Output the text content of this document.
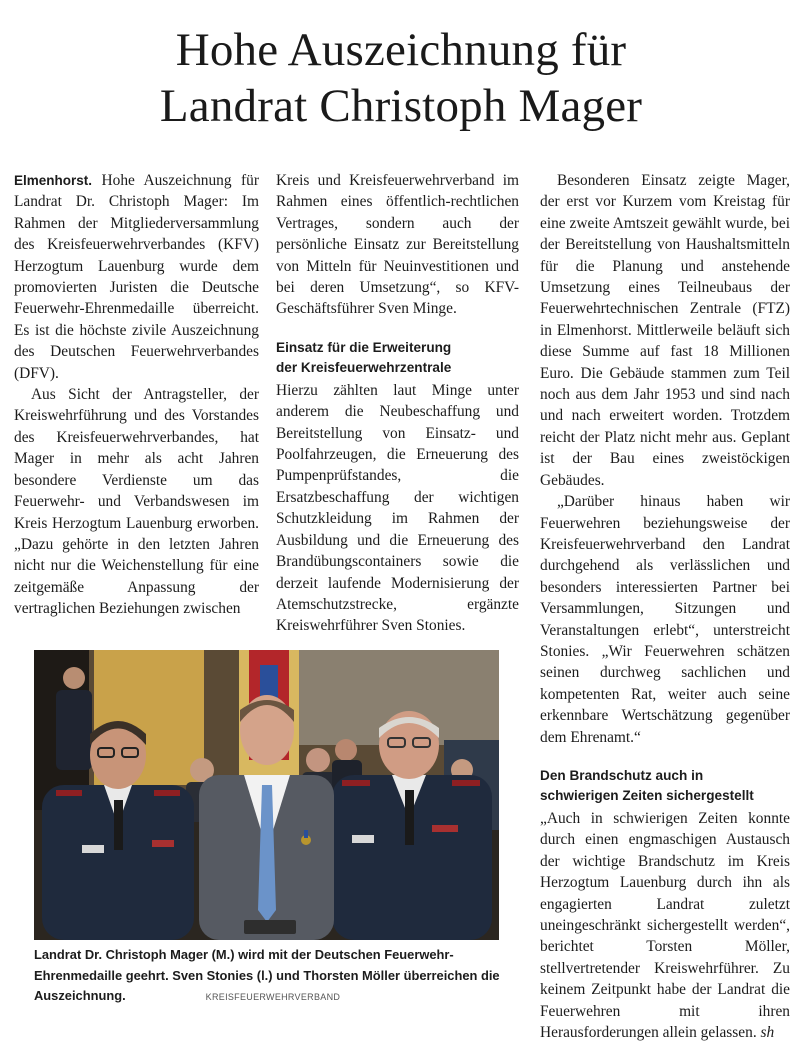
Hohe Auszeichnung für
Landrat Christoph Mager

Elmenhorst. Hohe Auszeichnung für Landrat Dr. Christoph Mager: Im Rahmen der Mitgliederversammlung des Kreisfeuerwehrverbandes (KFV) Herzogtum Lauenburg wurde dem promovierten Juristen die Deutsche Feuerwehr-Ehrenmedaille überreicht. Es ist die höchste zivile Auszeichnung des Deutschen Feuerwehrverbandes (DFV).

Aus Sicht der Antragsteller, der Kreiswehrführung und des Vorstandes des Kreisfeuerwehrverbandes, hat Mager in mehr als acht Jahren besondere Verdienste um das Feuerwehr- und Verbandswesen im Kreis Herzogtum Lauenburg erworben. „Dazu gehörte in den letzten Jahren nicht nur die Weichenstellung für eine zeitgemäße Anpassung der vertraglichen Beziehungen zwischen

Kreis und Kreisfeuerwehrverband im Rahmen eines öffentlich-rechtlichen Vertrages, sondern auch der persönliche Einsatz zur Bereitstellung von Mitteln für Neuinvestitionen und bei deren Umsetzung“, so KFV-Geschäftsführer Sven Minge.

Einsatz für die Erweiterung
der Kreisfeuerwehrzentrale

Hierzu zählten laut Minge unter anderem die Neubeschaffung und Bereitstellung von Einsatz- und Poolfahrzeugen, die Erneuerung des Pumpenprüfstandes, die Ersatzbeschaffung der wichtigen Schutzkleidung im Rahmen der Ausbildung und die Erneuerung des Brandübungscontainers sowie die derzeit laufende Modernisierung der Atemschutzstrecke, ergänzte Kreiswehrführer Sven Stonies.

Besonderen Einsatz zeigte Mager, der erst vor Kurzem vom Kreistag für eine zweite Amtszeit gewählt wurde, bei der Bereitstellung von Haushaltsmitteln für die Planung und anstehende Umsetzung eines Teilneubaus der Feuerwehrtechnischen Zentrale (FTZ) in Elmenhorst. Mittlerweile beläuft sich diese Summe auf fast 18 Millionen Euro. Die Gebäude stammen zum Teil noch aus dem Jahr 1953 und sind nach und nach erweitert worden. Trotzdem reicht der Platz nicht mehr aus. Geplant ist der Bau eines zweistöckigen Gebäudes.

„Darüber hinaus haben wir Feuerwehren beziehungsweise der Kreisfeuerwehrverband den Landrat durchgehend als verlässlichen und besonders interessierten Partner bei Versammlungen, Sitzungen und Veranstaltungen erlebt“, unterstreicht Stonies. „Wir Feuerwehren schätzen seinen durchweg sachlichen und kompetenten Rat, weiter auch seine erkennbare Wertschätzung gegenüber dem Ehrenamt.“

Den Brandschutz auch in
schwierigen Zeiten sichergestellt

„Auch in schwierigen Zeiten konnte durch einen engmaschigen Austausch der wichtige Brandschutz im Kreis Herzogtum Lauenburg durch ihn als engagierten Landrat zuletzt uneingeschränkt sichergestellt werden“, berichtet Torsten Möller, stellvertretender Kreiswehrführer. Zu keinem Zeitpunkt habe der Landrat die Feuerwehren mit ihren Herausforderungen allein gelassen. sh

Landrat Dr. Christoph Mager (M.) wird mit der Deutschen Feuerwehr-Ehrenmedaille geehrt. Sven Stonies (l.) und Thorsten Möller überreichen die Auszeichnung.	KREISFEUERWEHRVERBAND
